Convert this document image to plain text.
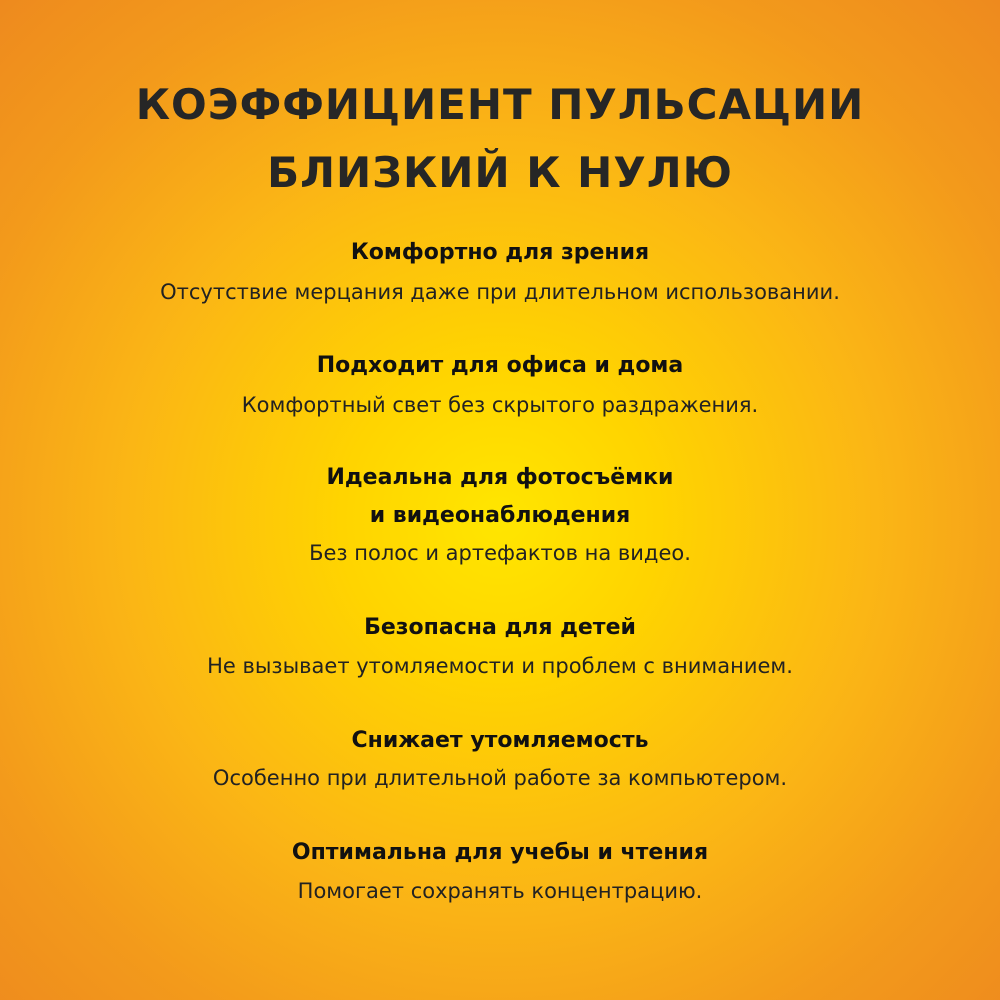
КОЭФФИЦИЕНТ ПУЛЬСАЦИИ
БЛИЗКИЙ К НУЛЮ
Комфортно для зрения
Отсутствие мерцания даже при длительном использовании.
Подходит для офиса и дома
Комфортный свет без скрытого раздражения.
Идеальна для фотосъёмки
и видеонаблюдения
Без полос и артефактов на видео.
Безопасна для детей
Не вызывает утомляемости и проблем с вниманием.
Снижает утомляемость
Особенно при длительной работе за компьютером.
Оптимальна для учебы и чтения
Помогает сохранять концентрацию.
